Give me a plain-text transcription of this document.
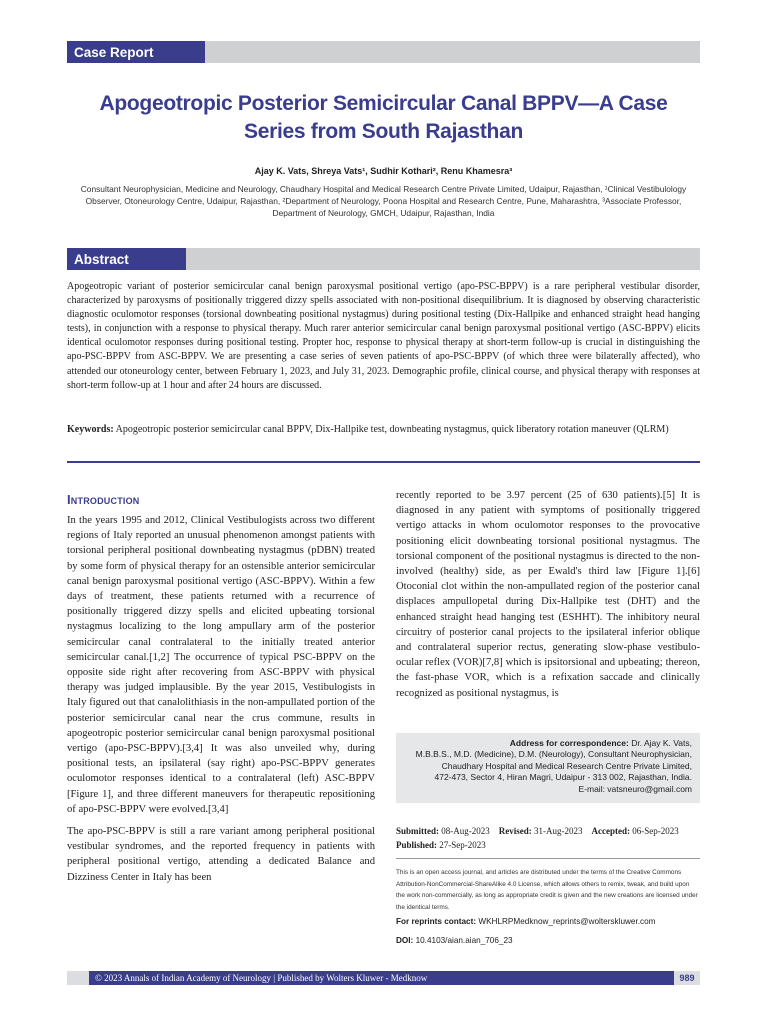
Case Report
Apogeotropic Posterior Semicircular Canal BPPV—A Case Series from South Rajasthan
Ajay K. Vats, Shreya Vats¹, Sudhir Kothari², Renu Khamesra³
Consultant Neurophysician, Medicine and Neurology, Chaudhary Hospital and Medical Research Centre Private Limited, Udaipur, Rajasthan, ¹Clinical Vestibulology Observer, Otoneurology Centre, Udaipur, Rajasthan, ²Department of Neurology, Poona Hospital and Research Centre, Pune, Maharashtra, ³Associate Professor, Department of Neurology, GMCH, Udaipur, Rajasthan, India
Abstract
Apogeotropic variant of posterior semicircular canal benign paroxysmal positional vertigo (apo-PSC-BPPV) is a rare peripheral vestibular disorder, characterized by paroxysms of positionally triggered dizzy spells associated with non-positional disequilibrium. It is diagnosed by observing characteristic diagnostic oculomotor responses (torsional downbeating positional nystagmus) during positional testing (Dix-Hallpike and enhanced straight head hanging tests), in conjunction with a response to physical therapy. Much rarer anterior semicircular canal benign paroxysmal positional vertigo (ASC-BPPV) elicits identical oculomotor responses during positional testing. Propter hoc, response to physical therapy at short-term follow-up is crucial in distinguishing the apo-PSC-BPPV from ASC-BPPV. We are presenting a case series of seven patients of apo-PSC-BPPV (of which three were bilaterally affected), who attended our otoneurology center, between February 1, 2023, and July 31, 2023. Demographic profile, clinical course, and physical therapy with responses at short-term follow-up at 1 hour and after 24 hours are discussed.
Keywords: Apogeotropic posterior semicircular canal BPPV, Dix-Hallpike test, downbeating nystagmus, quick liberatory rotation maneuver (QLRM)
Introduction

In the years 1995 and 2012, Clinical Vestibulogists across two different regions of Italy reported an unusual phenomenon amongst patients with torsional peripheral positional downbeating nystagmus (pDBN) treated by some form of physical therapy for an ostensible anterior semicircular canal benign paroxysmal positional vertigo (ASC-BPPV). Within a few days of treatment, these patients returned with a recurrence of positionally triggered dizzy spells and elicited upbeating torsional nystagmus localizing to the long ampullary arm of the posterior semicircular canal contralateral to the initially treated anterior semicircular canal.[1,2] The occurrence of typical PSC-BPPV on the opposite side right after recovering from ASC-BPPV with physical therapy was judged implausible. By the year 2015, Vestibulogists in Italy figured out that canalolithiasis in the non-ampullated portion of the posterior semicircular canal near the crus commune, results in apogeotropic posterior semicircular canal benign paroxysmal positional vertigo (apo-PSC-BPPV).[3,4] It was also unveiled why, during positional tests, an ipsilateral (say right) apo-PSC-BPPV generates oculomotor responses identical to a contralateral (left) ASC-BPPV [Figure 1], and three different maneuvers for therapeutic repositioning of apo-PSC-BPPV were evolved.[3,4]

The apo-PSC-BPPV is still a rare variant among peripheral positional vestibular syndromes, and the reported frequency in patients with peripheral positional vertigo, attending a dedicated Balance and Dizziness Center in Italy has been

recently reported to be 3.97 percent (25 of 630 patients).[5] It is diagnosed in any patient with symptoms of positionally triggered vertigo attacks in whom oculomotor responses to the provocative positioning elicit downbeating torsional positional nystagmus. The torsional component of the positional nystagmus is directed to the non-involved (healthy) side, as per Ewald's third law [Figure 1].[6] Otoconial clot within the non-ampullated region of the posterior canal displaces ampullopetal during Dix-Hallpike test (DHT) and the enhanced straight head hanging test (ESHHT). The inhibitory neural circuitry of posterior canal projects to the ipsilateral inferior oblique and contralateral superior rectus, generating slow-phase vestibulo-ocular reflex (VOR)[7,8] which is ipsitorsional and upbeating; thereon, the fast-phase VOR, which is a refixation saccade and clinically recognized as positional nystagmus, is

Address for correspondence: Dr. Ajay K. Vats,
M.B.B.S., M.D. (Medicine), D.M. (Neurology), Consultant Neurophysician,
Chaudhary Hospital and Medical Research Centre Private Limited,
472-473, Sector 4, Hiran Magri, Udaipur - 313 002, Rajasthan, India.
E-mail: vatsneuro@gmail.com
Submitted: 08-Aug-2023 Revised: 31-Aug-2023 Accepted: 06-Sep-2023
Published: 27-Sep-2023
This is an open access journal, and articles are distributed under the terms of the Creative Commons Attribution-NonCommercial-ShareAlike 4.0 License, which allows others to remix, tweak, and build upon the work non-commercially, as long as appropriate credit is given and the new creations are licensed under the identical terms.
For reprints contact: WKHLRPMedknow_reprints@wolterskluwer.com
DOI: 10.4103/aian.aian_706_23
© 2023 Annals of Indian Academy of Neurology | Published by Wolters Kluwer - Medknow	989
